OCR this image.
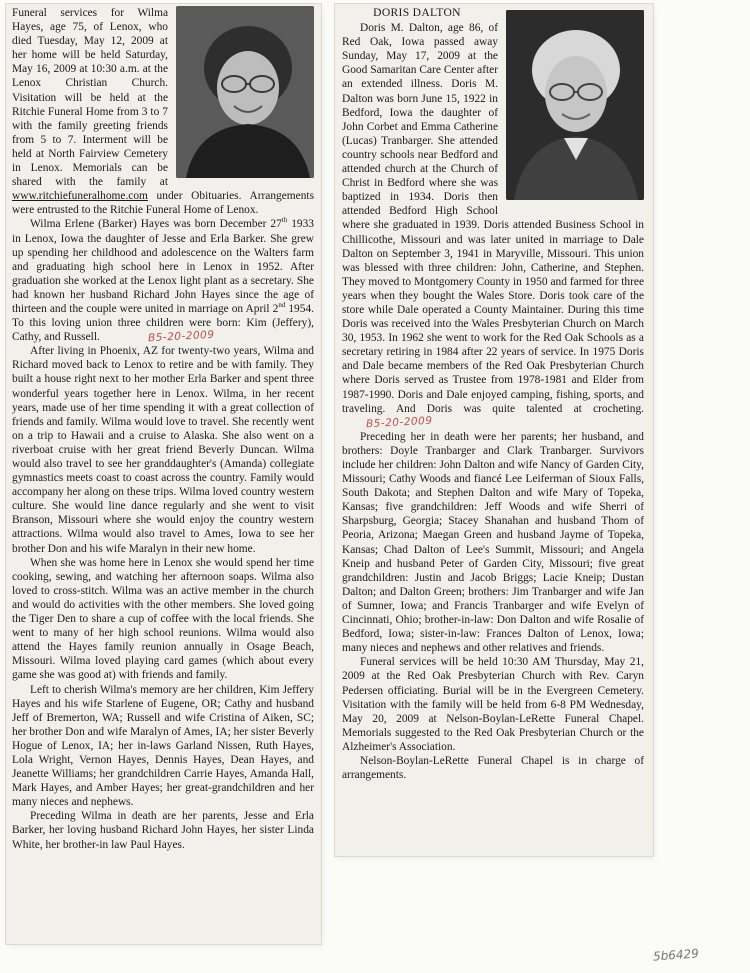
Funeral services for Wilma Hayes, age 75, of Lenox, who died Tuesday, May 12, 2009 at her home will be held Saturday, May 16, 2009 at 10:30 a.m. at the Lenox Christian Church. Visitation will be held at the Ritchie Funeral Home from 3 to 7 with the family greeting friends from 5 to 7. Interment will be held at North Fairview Cemetery in Lenox. Memorials can be shared with the family at www.ritchiefuneralhome.com under Obituaries. Arrangements were entrusted to the Ritchie Funeral Home of Lenox.

Wilma Erlene (Barker) Hayes was born December 27th 1933 in Lenox, Iowa the daughter of Jesse and Erla Barker. She grew up spending her childhood and adolescence on the Walters farm and graduating high school here in Lenox in 1952. After graduation she worked at the Lenox light plant as a secretary. She had known her husband Richard John Hayes since the age of thirteen and the couple were united in marriage on April 2nd 1954. To this loving union three children were born: Kim (Jeffery), Cathy, and Russell.	B5-20-2009

After living in Phoenix, AZ for twenty-two years, Wilma and Richard moved back to Lenox to retire and be with family. They built a house right next to her mother Erla Barker and spent three wonderful years together here in Lenox. Wilma, in her recent years, made use of her time spending it with a great collection of friends and family. Wilma would love to travel. She recently went on a trip to Hawaii and a cruise to Alaska. She also went on a riverboat cruise with her great friend Beverly Duncan. Wilma would also travel to see her granddaughter's (Amanda) collegiate gymnastics meets coast to coast across the country. Family would accompany her along on these trips. Wilma loved country western culture. She would line dance regularly and she went to visit Branson, Missouri where she would enjoy the country western attractions. Wilma would also travel to Ames, Iowa to see her brother Don and his wife Maralyn in their new home.

When she was home here in Lenox she would spend her time cooking, sewing, and watching her afternoon soaps. Wilma also loved to cross-stitch. Wilma was an active member in the church and would do activities with the other members. She loved going the Tiger Den to share a cup of coffee with the local friends. She went to many of her high school reunions. Wilma would also attend the Hayes family reunion annually in Osage Beach, Missouri. Wilma loved playing card games (which about every game she was good at) with friends and family.

Left to cherish Wilma's memory are her children, Kim Jeffery Hayes and his wife Starlene of Eugene, OR; Cathy and husband Jeff of Bremerton, WA; Russell and wife Cristina of Aiken, SC; her brother Don and wife Maralyn of Ames, IA; her sister Beverly Hogue of Lenox, IA; her in-laws Garland Nissen, Ruth Hayes, Lola Wright, Vernon Hayes, Dennis Hayes, Dean Hayes, and Jeanette Williams; her grandchildren Carrie Hayes, Amanda Hall, Mark Hayes, and Amber Hayes; her great-grandchildren and her many nieces and nephews.

Preceding Wilma in death are her parents, Jesse and Erla Barker, her loving husband Richard John Hayes, her sister Linda White, her brother-in law Paul Hayes.

DORIS DALTON

Doris M. Dalton, age 86, of Red Oak, Iowa passed away Sunday, May 17, 2009 at the Good Samaritan Care Center after an extended illness. Doris M. Dalton was born June 15, 1922 in Bedford, Iowa the daughter of John Corbet and Emma Catherine (Lucas) Tranbarger. She attended country schools near Bedford and attended church at the Church of Christ in Bedford where she was baptized in 1934. Doris then attended Bedford High School where she graduated in 1939. Doris attended Business School in Chillicothe, Missouri and was later united in marriage to Dale Dalton on September 3, 1941 in Maryville, Missouri. This union was blessed with three children: John, Catherine, and Stephen. They moved to Montgomery County in 1950 and farmed for three years when they bought the Wales Store. Doris took care of the store while Dale operated a County Maintainer. During this time Doris was received into the Wales Presbyterian Church on March 30, 1953. In 1962 she went to work for the Red Oak Schools as a secretary retiring in 1984 after 22 years of service. In 1975 Doris and Dale became members of the Red Oak Presbyterian Church where Doris served as Trustee from 1978-1981 and Elder from 1987-1990. Doris and Dale enjoyed camping, fishing, sports, and traveling. And Doris was quite talented at crocheting.B5-20-2009

Preceding her in death were her parents; her husband, and brothers: Doyle Tranbarger and Clark Tranbarger. Survivors include her children: John Dalton and wife Nancy of Garden City, Missouri; Cathy Woods and fiancé Lee Leiferman of Sioux Falls, South Dakota; and Stephen Dalton and wife Mary of Topeka, Kansas; five grandchildren: Jeff Woods and wife Sherri of Sharpsburg, Georgia; Stacey Shanahan and husband Thom of Peoria, Arizona; Maegan Green and husband Jayme of Topeka, Kansas; Chad Dalton of Lee's Summit, Missouri; and Angela Kneip and husband Peter of Garden City, Missouri; five great grandchildren: Justin and Jacob Briggs; Lacie Kneip; Dustan Dalton; and Dalton Green; brothers: Jim Tranbarger and wife Jan of Sumner, Iowa; and Francis Tranbarger and wife Evelyn of Cincinnati, Ohio; brother-in-law: Don Dalton and wife Rosalie of Bedford, Iowa; sister-in-law: Frances Dalton of Lenox, Iowa; many nieces and nephews and other relatives and friends.

Funeral services will be held 10:30 AM Thursday, May 21, 2009 at the Red Oak Presbyterian Church with Rev. Caryn Pedersen officiating. Burial will be in the Evergreen Cemetery. Visitation with the family will be held from 6-8 PM Wednesday, May 20, 2009 at Nelson-Boylan-LeRette Funeral Chapel. Memorials suggested to the Red Oak Presbyterian Church or the Alzheimer's Association.

Nelson-Boylan-LeRette Funeral Chapel is in charge of arrangements.

5b6429
